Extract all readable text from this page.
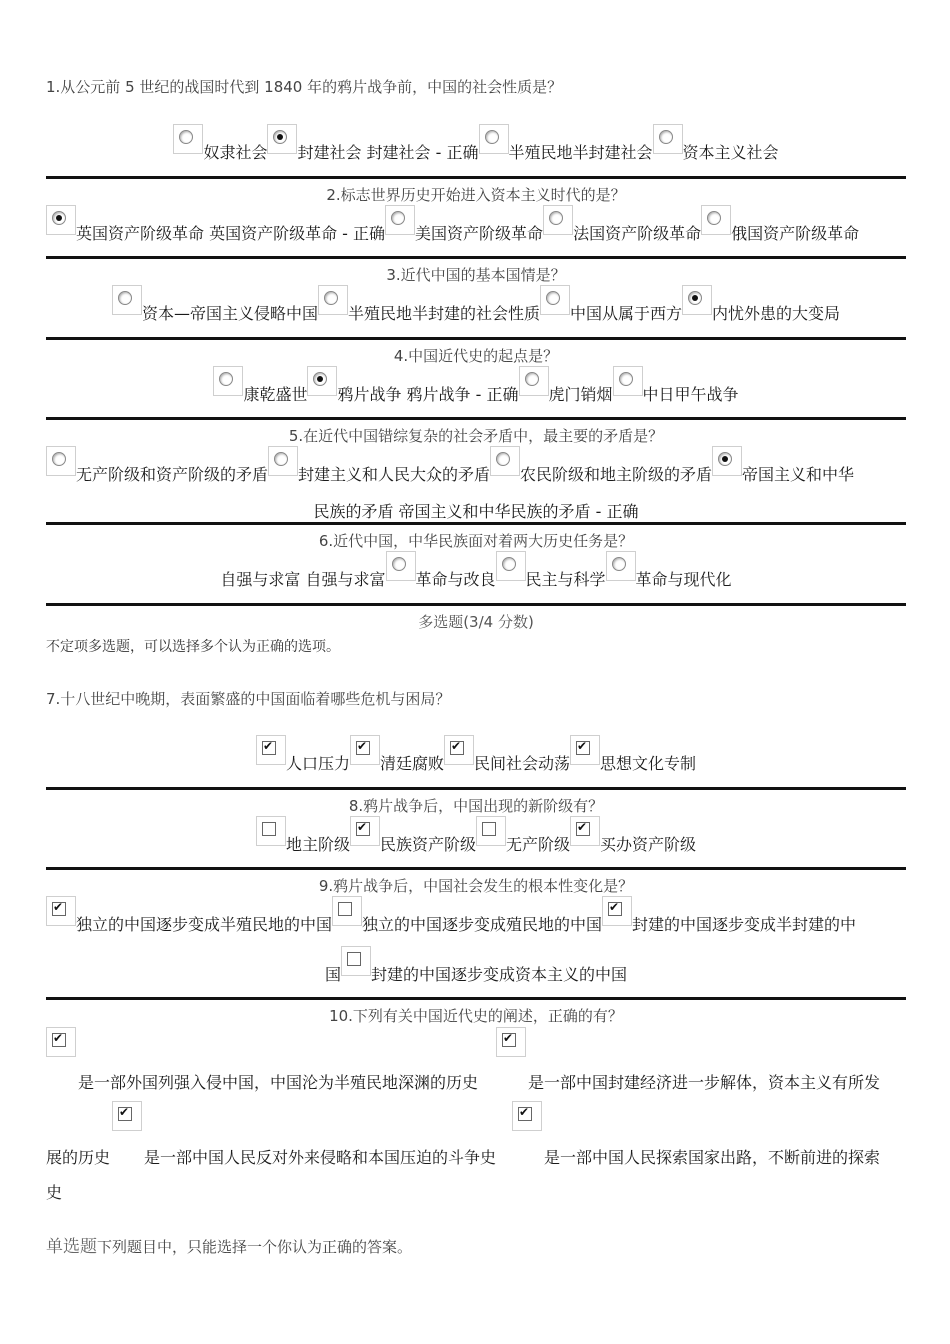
1.从公元前 5 世纪的战国时代到 1840 年的鸦片战争前，中国的社会性质是？
奴隶社会 封建社会 封建社会 - 正确 半殖民地半封建社会 资本主义社会
2.标志世界历史开始进入资本主义时代的是？
英国资产阶级革命 英国资产阶级革命 - 正确 美国资产阶级革命 法国资产阶级革命 俄国资产阶级革命
3.近代中国的基本国情是？
资本—帝国主义侵略中国 半殖民地半封建的社会性质 中国从属于西方 内忧外患的大变局
4.中国近代史的起点是？
康乾盛世 鸦片战争 鸦片战争 - 正确 虎门销烟 中日甲午战争
5.在近代中国错综复杂的社会矛盾中，最主要的矛盾是？
无产阶级和资产阶级的矛盾 封建主义和人民大众的矛盾 农民阶级和地主阶级的矛盾 帝国主义和中华
民族的矛盾 帝国主义和中华民族的矛盾 - 正确
6.近代中国，中华民族面对着两大历史任务是？
自强与求富 自强与求富 革命与改良 民主与科学 革命与现代化
多选题(3/4 分数)
不定项多选题，可以选择多个认为正确的选项。
7.十八世纪中晚期，表面繁盛的中国面临着哪些危机与困局？
✔人口压力 ✔ 清廷腐败 ✔ 民间社会动荡 ✔ 思想文化专制
8.鸦片战争后，中国出现的新阶级有？
地主阶级 ✔ 民族资产阶级 无产阶级 ✔ 买办资产阶级
9.鸦片战争后，中国社会发生的根本性变化是？
✔独立的中国逐步变成半殖民地的中国 独立的中国逐步变成殖民地的中国 ✔ 封建的中国逐步变成半封建的中
国 封建的中国逐步变成资本主义的中国
10.下列有关中国近代史的阐述，正确的有？
✔
✔
是一部外国列强入侵中国，中国沦为半殖民地深渊的历史	是一部中国封建经济进一步解体，资本主义有所发
✔
✔
展的历史 是一部中国人民反对外来侵略和本国压迫的斗争史	是一部中国人民探索国家出路，不断前进的探索
史
单选题下列题目中，只能选择一个你认为正确的答案。
